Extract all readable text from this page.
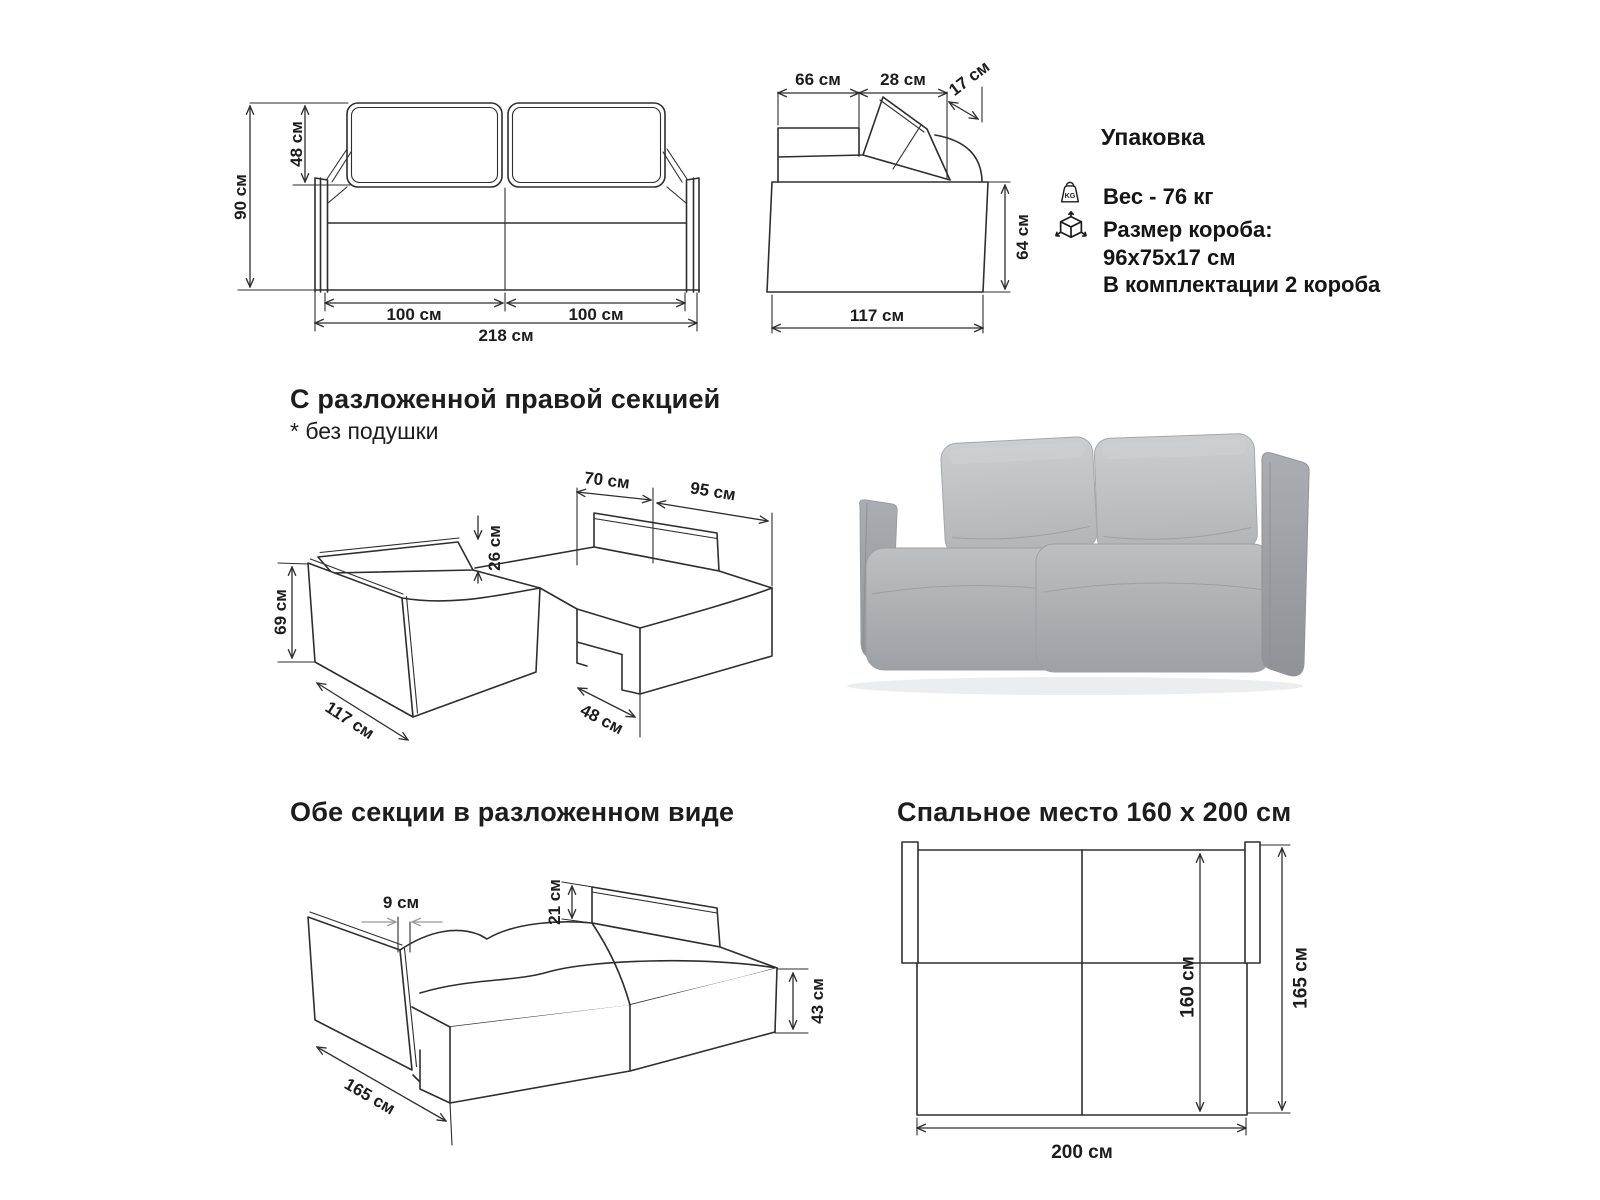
90 см
48 см
100 см	100 см
218 см
66 см 28 см 17 см
64 см
117 см
Упаковка
KG Вес - 76 кг
Размер короба:
96х75х17 см
В комплектации 2 короба
С разложенной правой секцией
* без подушки
69 см
117 см
26 см
70 см	95 см
48 см
Обе секции в разложенном виде
9 см	21 см
43 см
165 см
Спальное место 160 x 200 см
160 см	165 см
200 см
